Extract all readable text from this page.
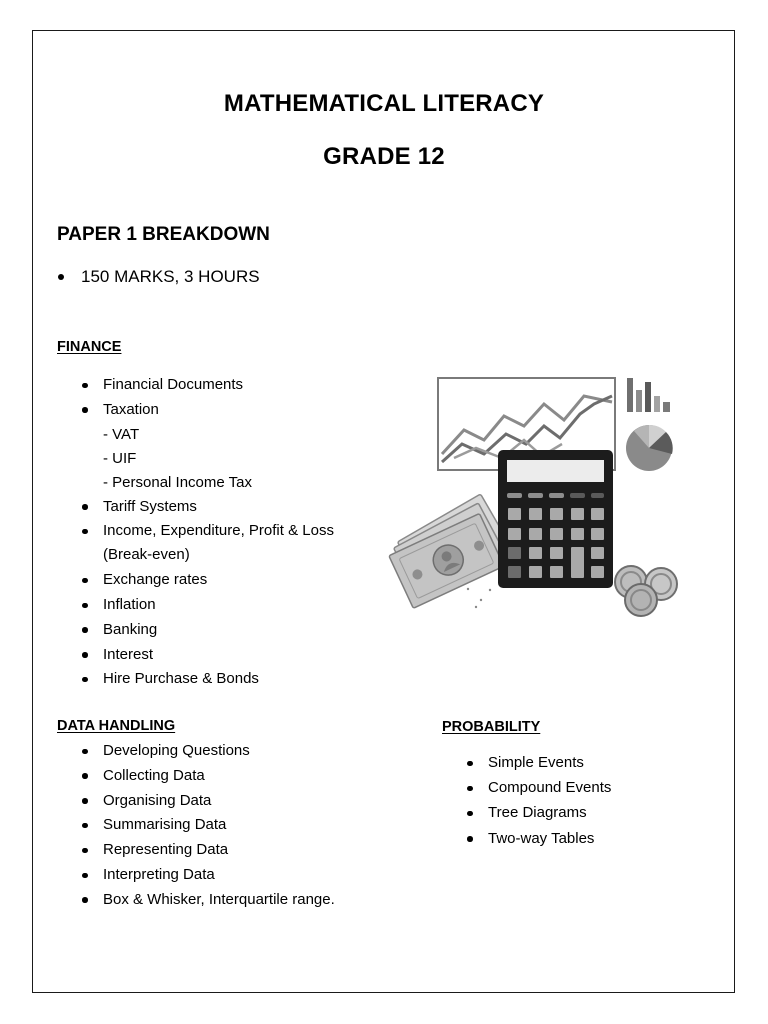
MATHEMATICAL LITERACY
GRADE 12
PAPER 1 BREAKDOWN
150 MARKS, 3 HOURS
FINANCE
Financial Documents
Taxation
- VAT
- UIF
- Personal Income Tax
Tariff Systems
Income, Expenditure, Profit & Loss
(Break-even)
Exchange rates
Inflation
Banking
Interest
Hire Purchase & Bonds
DATA HANDLING
Developing Questions
Collecting Data
Organising Data
Summarising Data
Representing Data
Interpreting Data
Box & Whisker, Interquartile range.
PROBABILITY
Simple Events
Compound Events
Tree Diagrams
Two-way Tables
